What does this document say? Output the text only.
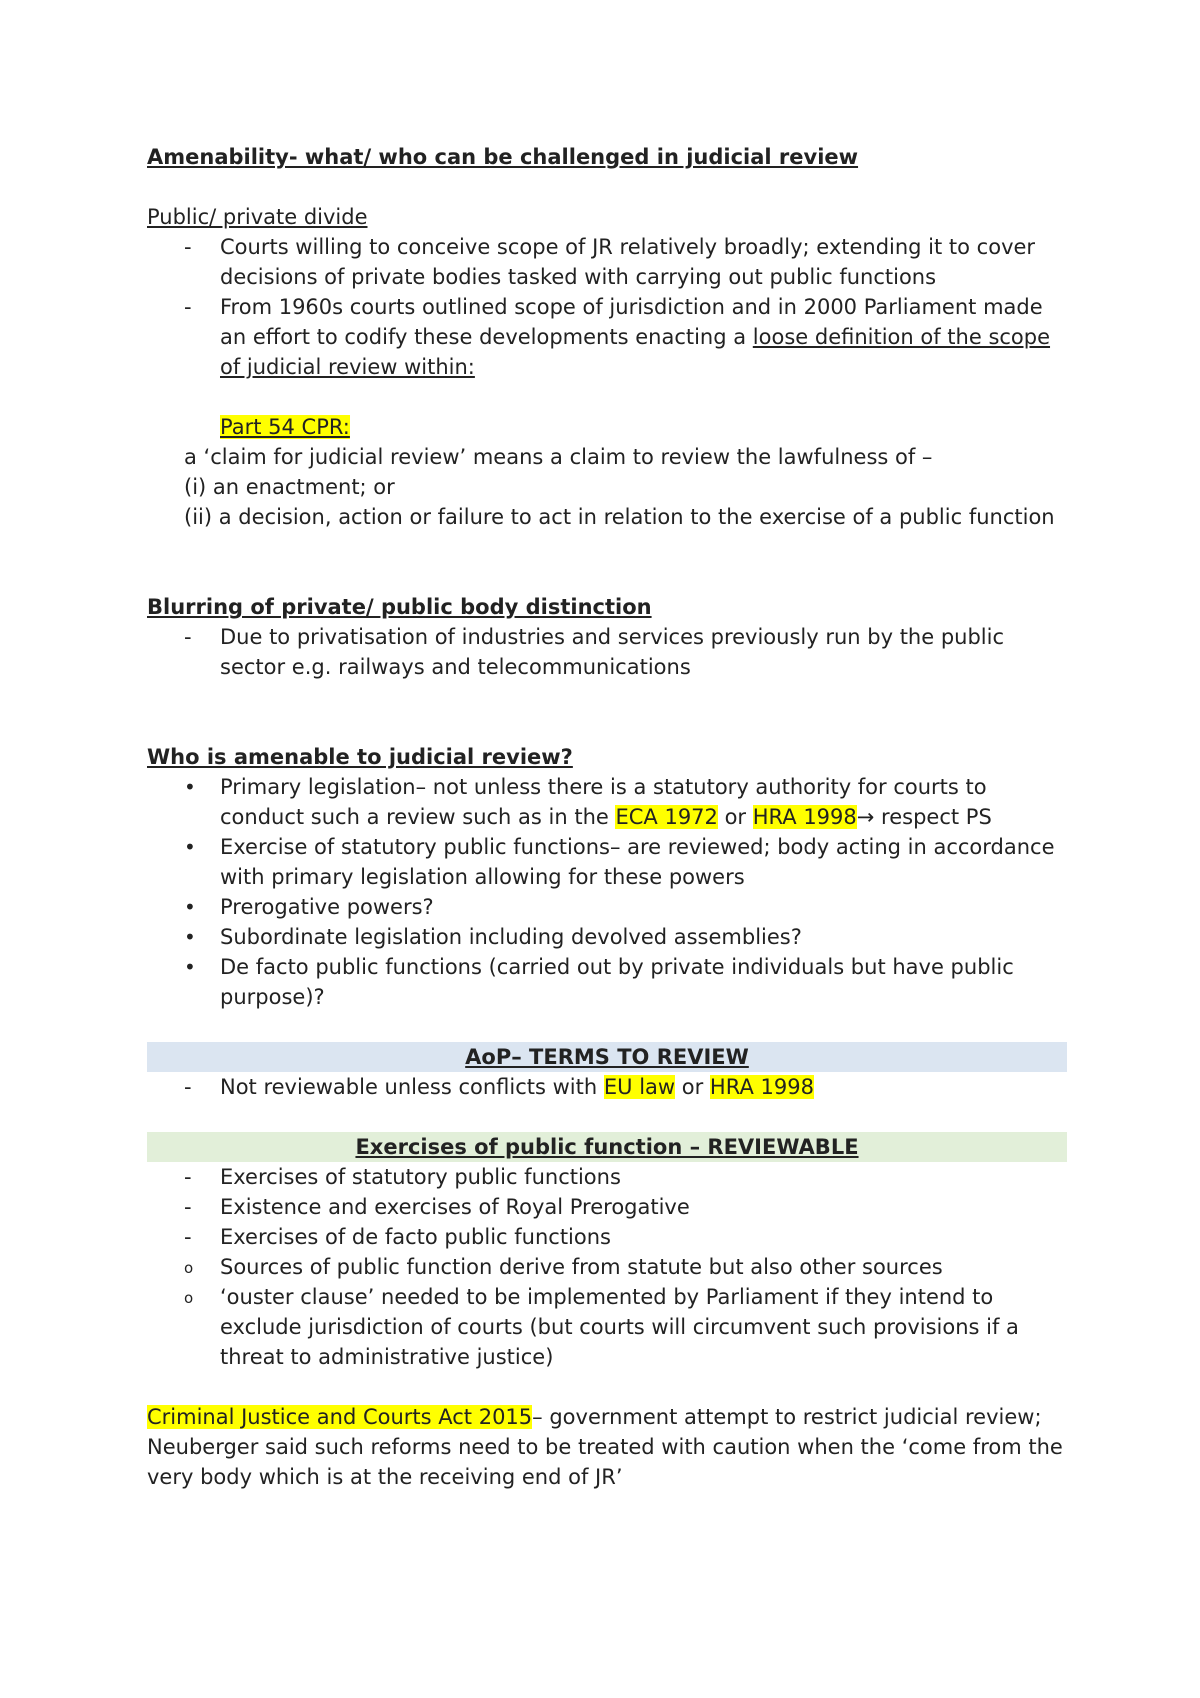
Amenability- what/ who can be challenged in judicial review
Public/ private divide
- Courts willing to conceive scope of JR relatively broadly; extending it to cover decisions of private bodies tasked with carrying out public functions
- From 1960s courts outlined scope of jurisdiction and in 2000 Parliament made an effort to codify these developments enacting a loose definition of the scope of judicial review within:
Part 54 CPR:
a ‘claim for judicial review’ means a claim to review the lawfulness of –
(i) an enactment; or
(ii) a decision, action or failure to act in relation to the exercise of a public function
Blurring of private/ public body distinction
- Due to privatisation of industries and services previously run by the public sector e.g. railways and telecommunications
Who is amenable to judicial review?
• Primary legislation– not unless there is a statutory authority for courts to conduct such a review such as in the ECA 1972 or HRA 1998→ respect PS
• Exercise of statutory public functions– are reviewed; body acting in accordance with primary legislation allowing for these powers
• Prerogative powers?
• Subordinate legislation including devolved assemblies?
• De facto public functions (carried out by private individuals but have public purpose)?
AoP– TERMS TO REVIEW
- Not reviewable unless conflicts with EU law or HRA 1998
Exercises of public function – REVIEWABLE
- Exercises of statutory public functions
- Existence and exercises of Royal Prerogative
- Exercises of de facto public functions
o Sources of public function derive from statute but also other sources
o ‘ouster clause’ needed to be implemented by Parliament if they intend to exclude jurisdiction of courts (but courts will circumvent such provisions if a threat to administrative justice)
Criminal Justice and Courts Act 2015– government attempt to restrict judicial review; Neuberger said such reforms need to be treated with caution when the ‘come from the very body which is at the receiving end of JR’
